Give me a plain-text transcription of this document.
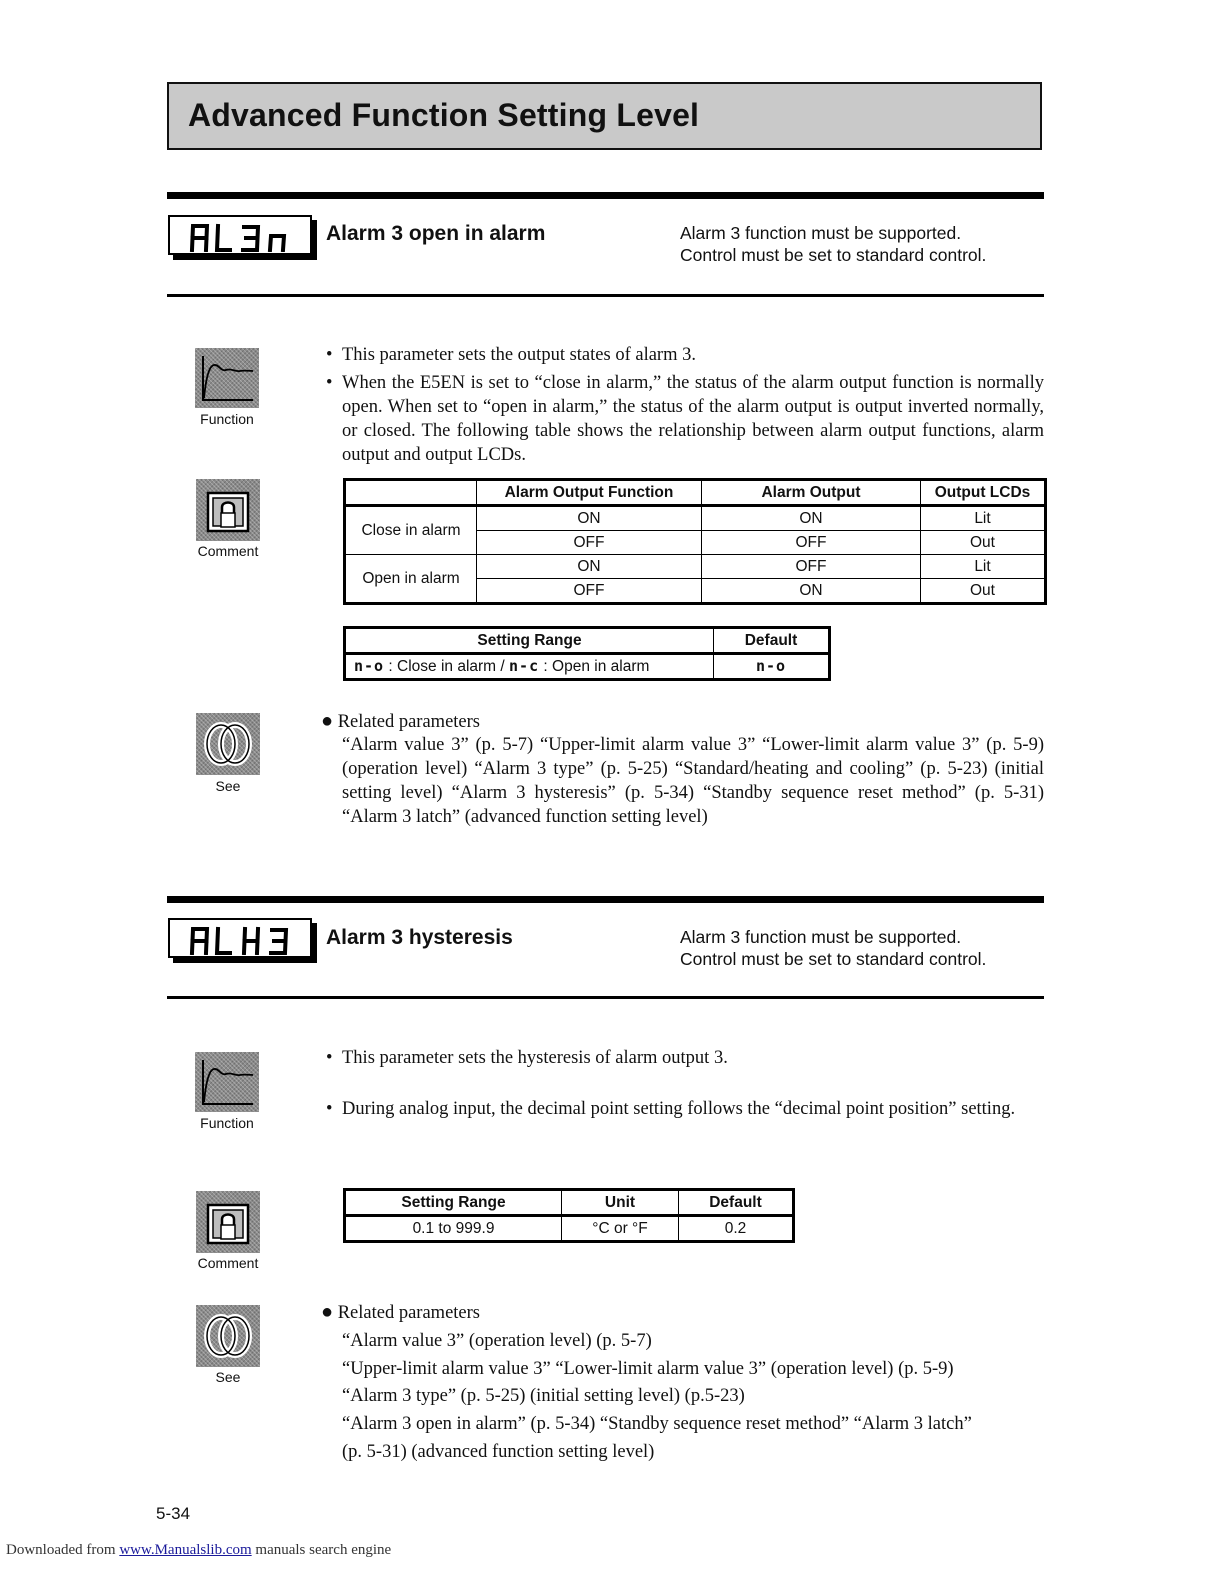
Advanced Function Setting Level
Alarm 3 open in alarm	Alarm 3 function must be supported.
Control must be set to standard control.
Function
• This parameter sets the output states of alarm 3.
• When the E5EN is set to “close in alarm,” the status of the alarm output function is normally open. When set to “open in alarm,” the status of the alarm output is output inverted normally, or closed. The following table shows the relationship between alarm output functions, alarm output and output LCDs.
Comment
	Alarm Output Function	Alarm Output	Output LCDs
Close in alarm	ON	ON	Lit
	OFF	OFF	Out
Open in alarm	ON	OFF	Lit
	OFF	ON	Out
Setting Range	Default
n-o : Close in alarm / n-c : Open in alarm	n-o
See
● Related parameters
“Alarm value 3” (p. 5-7) “Upper-limit alarm value 3” “Lower-limit alarm value 3” (p. 5-9)(operation level) “Alarm 3 type” (p. 5-25) “Standard/heating and cooling” (p. 5-23) (initial setting level) “Alarm 3 hysteresis” (p. 5-34) “Standby sequence reset method” (p. 5-31) “Alarm 3 latch” (advanced function setting level)
Alarm 3 hysteresis	Alarm 3 function must be supported.
Control must be set to standard control.
Function
• This parameter sets the hysteresis of alarm output 3.
• During analog input, the decimal point setting follows the “decimal point position” setting.
Comment
Setting Range	Unit	Default
0.1 to 999.9	°C or °F	0.2
See
● Related parameters
“Alarm value 3” (operation level) (p. 5-7)
“Upper-limit alarm value 3” “Lower-limit alarm value 3” (operation level) (p. 5-9)
“Alarm 3 type” (p. 5-25) (initial setting level) (p.5-23)
“Alarm 3 open in alarm” (p. 5-34) “Standby sequence reset method” “Alarm 3 latch”
(p. 5-31) (advanced function setting level)
5-34
Downloaded from www.Manualslib.com manuals search engine
